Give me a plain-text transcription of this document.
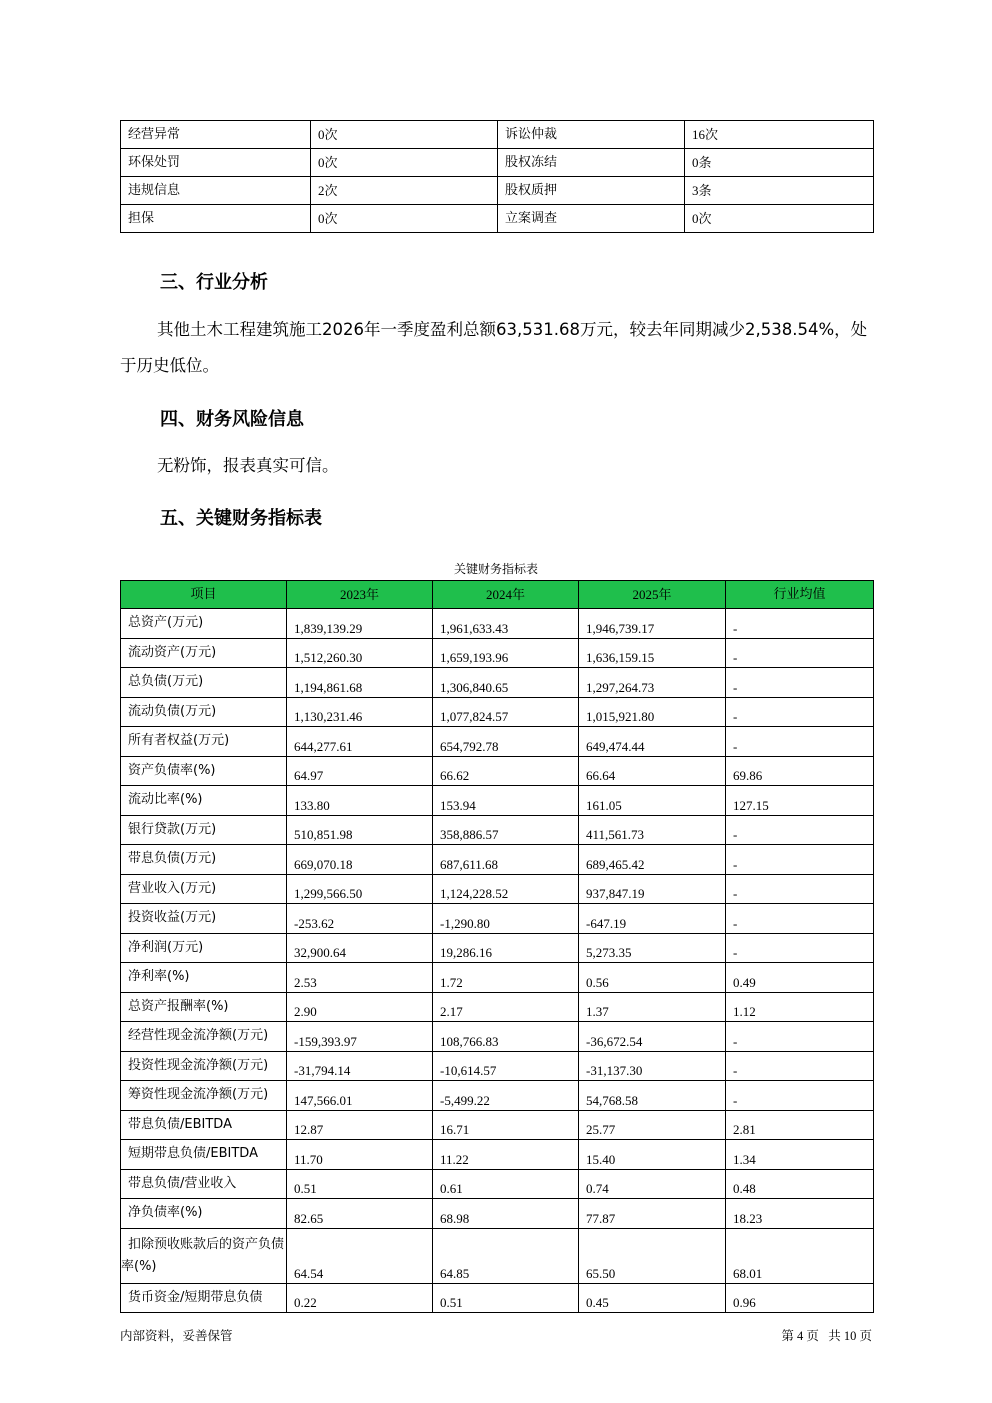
经营异常	0次	诉讼仲裁	16次
环保处罚	0次	股权冻结	0条
违规信息	2次	股权质押	3条
担保	0次	立案调查	0次
三、行业分析

其他土木工程建筑施工2026年一季度盈利总额63,531.68万元，较去年同期减少2,538.54%，处于历史低位。

四、财务风险信息

无粉饰，报表真实可信。

五、关键财务指标表
关键财务指标表
项目	2023年	2024年	2025年	行业均值
总资产(万元)	1,839,139.29	1,961,633.43	1,946,739.17	-
流动资产(万元)	1,512,260.30	1,659,193.96	1,636,159.15	-
总负债(万元)	1,194,861.68	1,306,840.65	1,297,264.73	-
流动负债(万元)	1,130,231.46	1,077,824.57	1,015,921.80	-
所有者权益(万元)	644,277.61	654,792.78	649,474.44	-
资产负债率(%)	64.97	66.62	66.64	69.86
流动比率(%)	133.80	153.94	161.05	127.15
银行贷款(万元)	510,851.98	358,886.57	411,561.73	-
带息负债(万元)	669,070.18	687,611.68	689,465.42	-
营业收入(万元)	1,299,566.50	1,124,228.52	937,847.19	-
投资收益(万元)	-253.62	-1,290.80	-647.19	-
净利润(万元)	32,900.64	19,286.16	5,273.35	-
净利率(%)	2.53	1.72	0.56	0.49
总资产报酬率(%)	2.90	2.17	1.37	1.12
经营性现金流净额(万元)	-159,393.97	108,766.83	-36,672.54	-
投资性现金流净额(万元)	-31,794.14	-10,614.57	-31,137.30	-
筹资性现金流净额(万元)	147,566.01	-5,499.22	54,768.58	-
带息负债/EBITDA	12.87	16.71	25.77	2.81
短期带息负债/EBITDA	11.70	11.22	15.40	1.34
带息负债/营业收入	0.51	0.61	0.74	0.48
净负债率(%)	82.65	68.98	77.87	18.23
扣除预收账款后的资产负债率(%)	64.54	64.85	65.50	68.01
货币资金/短期带息负债	0.22	0.51	0.45	0.96
内部资料，妥善保管	第 4 页   共 10 页
